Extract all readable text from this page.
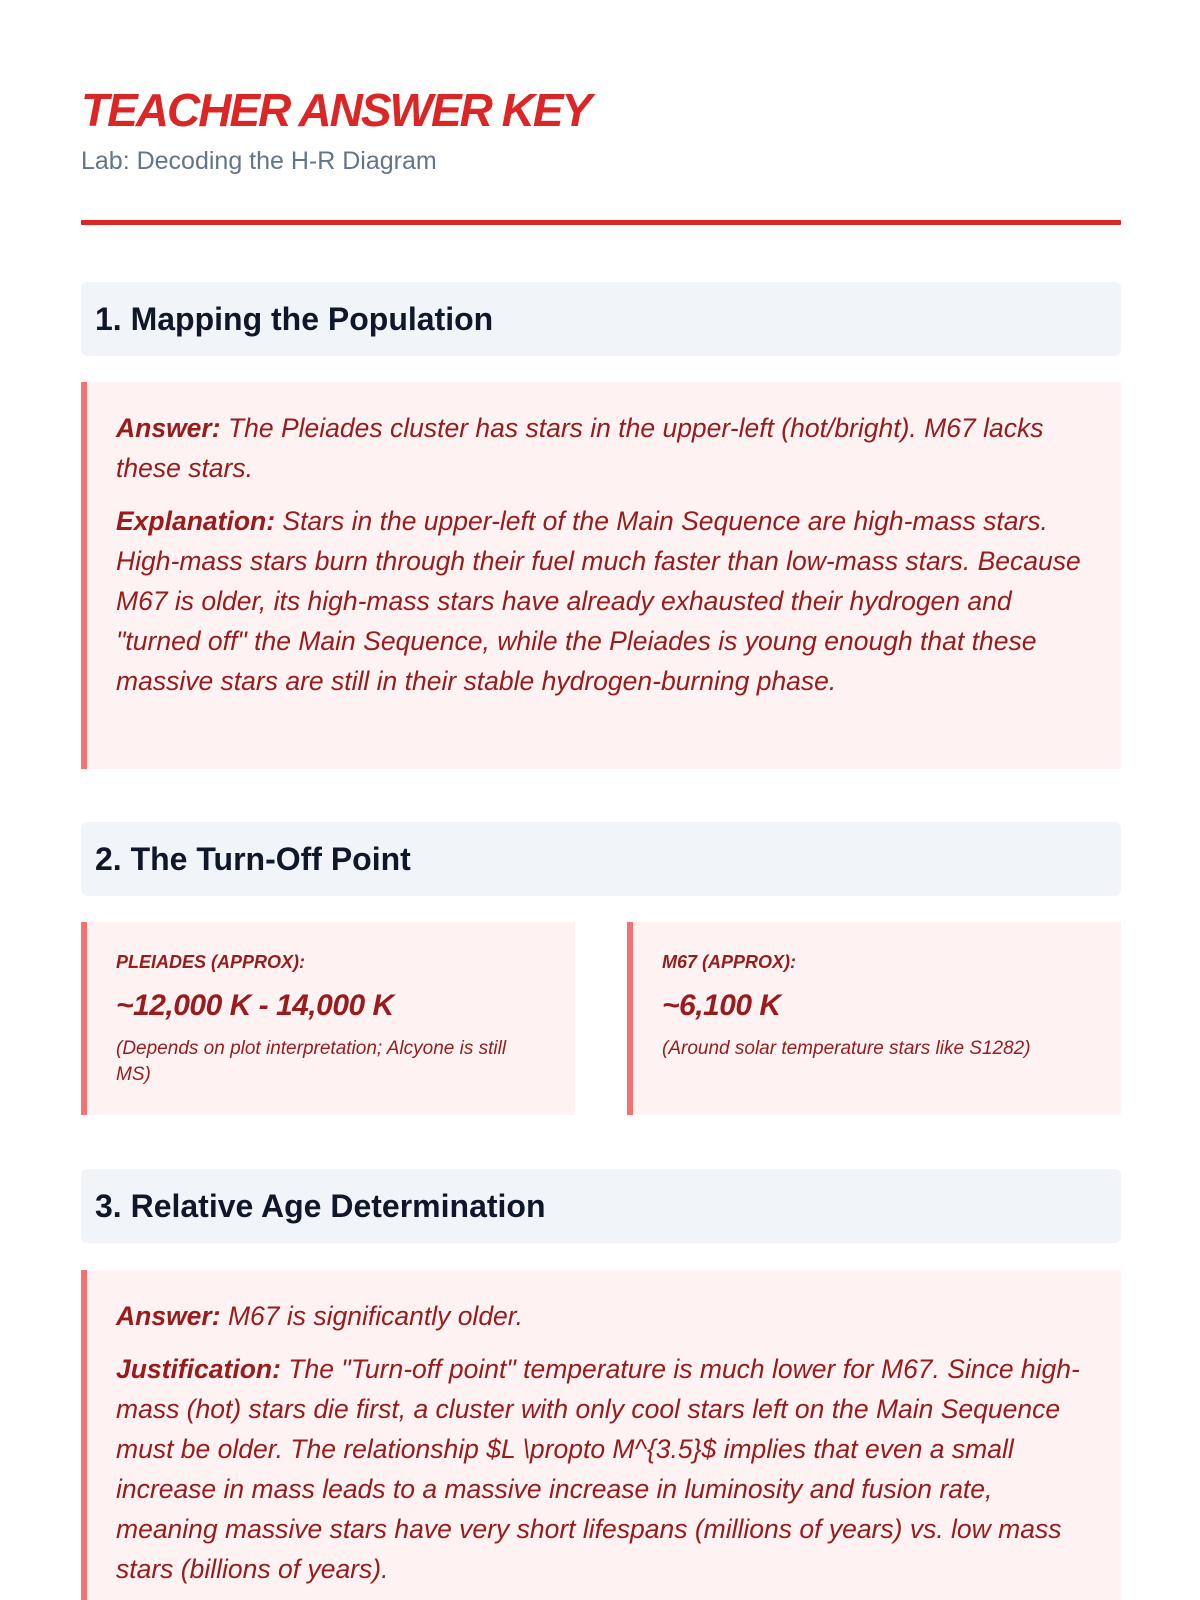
TEACHER ANSWER KEY
Lab: Decoding the H-R Diagram
1. Mapping the Population

Answer: The Pleiades cluster has stars in the upper-left (hot/bright). M67 lacks these stars.

Explanation: Stars in the upper-left of the Main Sequence are high-mass stars. High-mass stars burn through their fuel much faster than low-mass stars. Because M67 is older, its high-mass stars have already exhausted their hydrogen and "turned off" the Main Sequence, while the Pleiades is young enough that these massive stars are still in their stable hydrogen-burning phase.

2. The Turn-Off Point
PLEIADES (APPROX):
~12,000 K - 14,000 K
(Depends on plot interpretation; Alcyone is still MS)
M67 (APPROX):
~6,100 K
(Around solar temperature stars like S1282)
3. Relative Age Determination

Answer: M67 is significantly older.

Justification: The "Turn-off point" temperature is much lower for M67. Since high-mass (hot) stars die first, a cluster with only cool stars left on the Main Sequence must be older. The relationship $L \propto M^{3.5}$ implies that even a small increase in mass leads to a massive increase in luminosity and fusion rate, meaning massive stars have very short lifespans (millions of years) vs. low mass stars (billions of years).
